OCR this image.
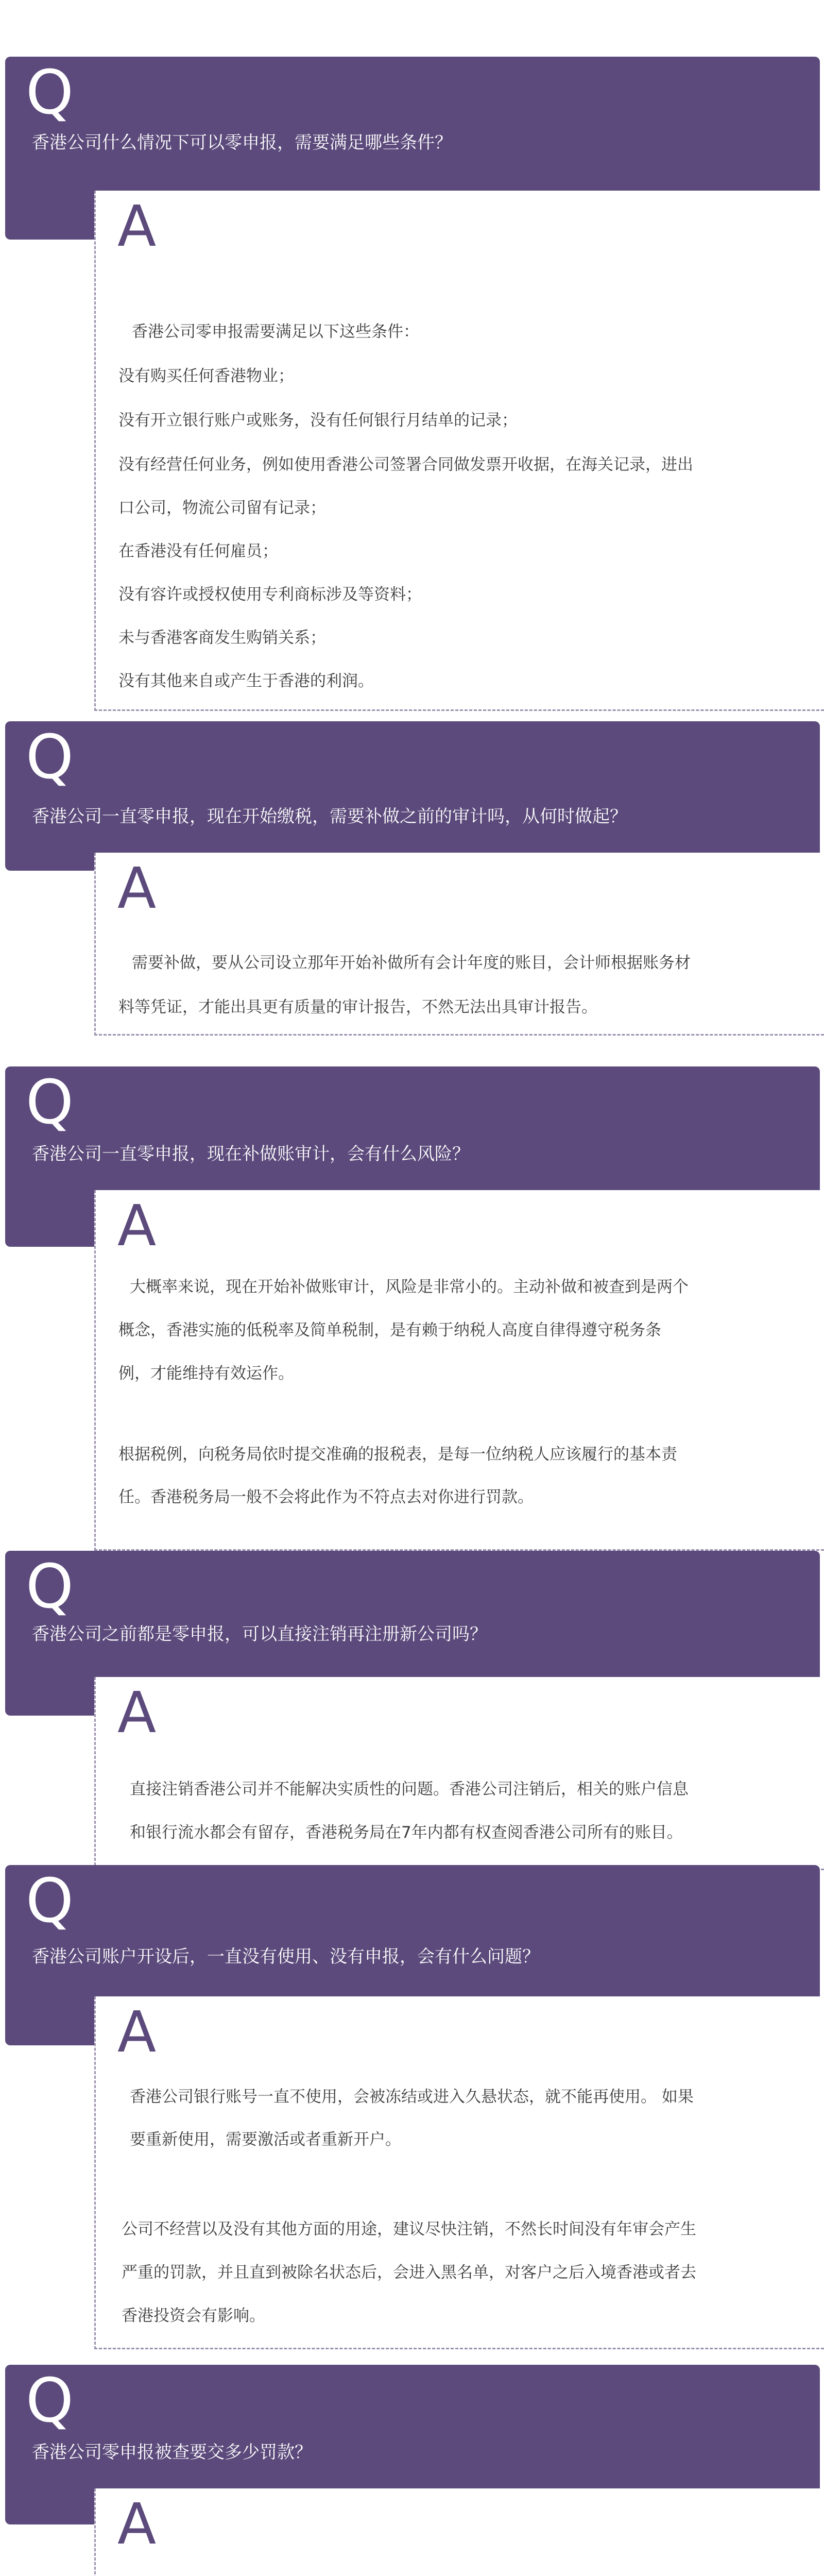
Q
香港公司什么情况下可以零申报，需要满足哪些条件？
A
香港公司零申报需要满足以下这些条件：
没有购买任何香港物业；
没有开立银行账户或账务，没有任何银行月结单的记录；
没有经营任何业务，例如使用香港公司签署合同做发票开收据，在海关记录，进出
口公司，物流公司留有记录；
在香港没有任何雇员；
没有容许或授权使用专利商标涉及等资料；
未与香港客商发生购销关系；
没有其他来自或产生于香港的利润。
Q
香港公司一直零申报，现在开始缴税，需要补做之前的审计吗，从何时做起？
A
需要补做，要从公司设立那年开始补做所有会计年度的账目，会计师根据账务材
料等凭证，才能出具更有质量的审计报告，不然无法出具审计报告。
Q
香港公司一直零申报，现在补做账审计，会有什么风险？
A
大概率来说，现在开始补做账审计，风险是非常小的。主动补做和被查到是两个
概念，香港实施的低税率及简单税制，是有赖于纳税人高度自律得遵守税务条
例，才能维持有效运作。
根据税例，向税务局依时提交准确的报税表，是每一位纳税人应该履行的基本责
任。香港税务局一般不会将此作为不符点去对你进行罚款。
Q
香港公司之前都是零申报，可以直接注销再注册新公司吗？
A
直接注销香港公司并不能解决实质性的问题。香港公司注销后，相关的账户信息
和银行流水都会有留存，香港税务局在7年内都有权查阅香港公司所有的账目。
Q
香港公司账户开设后，一直没有使用、没有申报，会有什么问题？
A
香港公司银行账号一直不使用，会被冻结或进入久悬状态，就不能再使用。 如果
要重新使用，需要激活或者重新开户。
公司不经营以及没有其他方面的用途，建议尽快注销，不然长时间没有年审会产生
严重的罚款，并且直到被除名状态后，会进入黑名单，对客户之后入境香港或者去
香港投资会有影响。
Q
香港公司零申报被查要交多少罚款？
A
